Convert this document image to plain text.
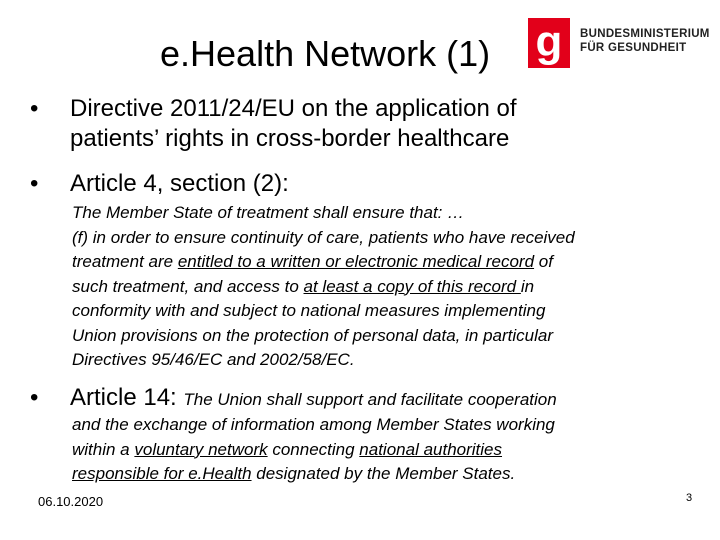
e.Health Network (1) g BUNDESMINISTERIUM
FÜR GESUNDHEIT
•	Directive 2011/24/EU on the application of
patients’ rights in cross-border healthcare
•	Article 4, section (2):
The Member State of treatment shall ensure that: …
(f) in order to ensure continuity of care, patients who have received
treatment are entitled to a written or electronic medical record of
such treatment, and access to at least a copy of this record in
conformity with and subject to national measures implementing
Union provisions on the protection of personal data, in particular
Directives 95/46/EC and 2002/58/EC.
•	Article 14: The Union shall support and facilitate cooperation
and the exchange of information among Member States working
within a voluntary network connecting national authorities
responsible for e.Health designated by the Member States.
06.10.2020	3
